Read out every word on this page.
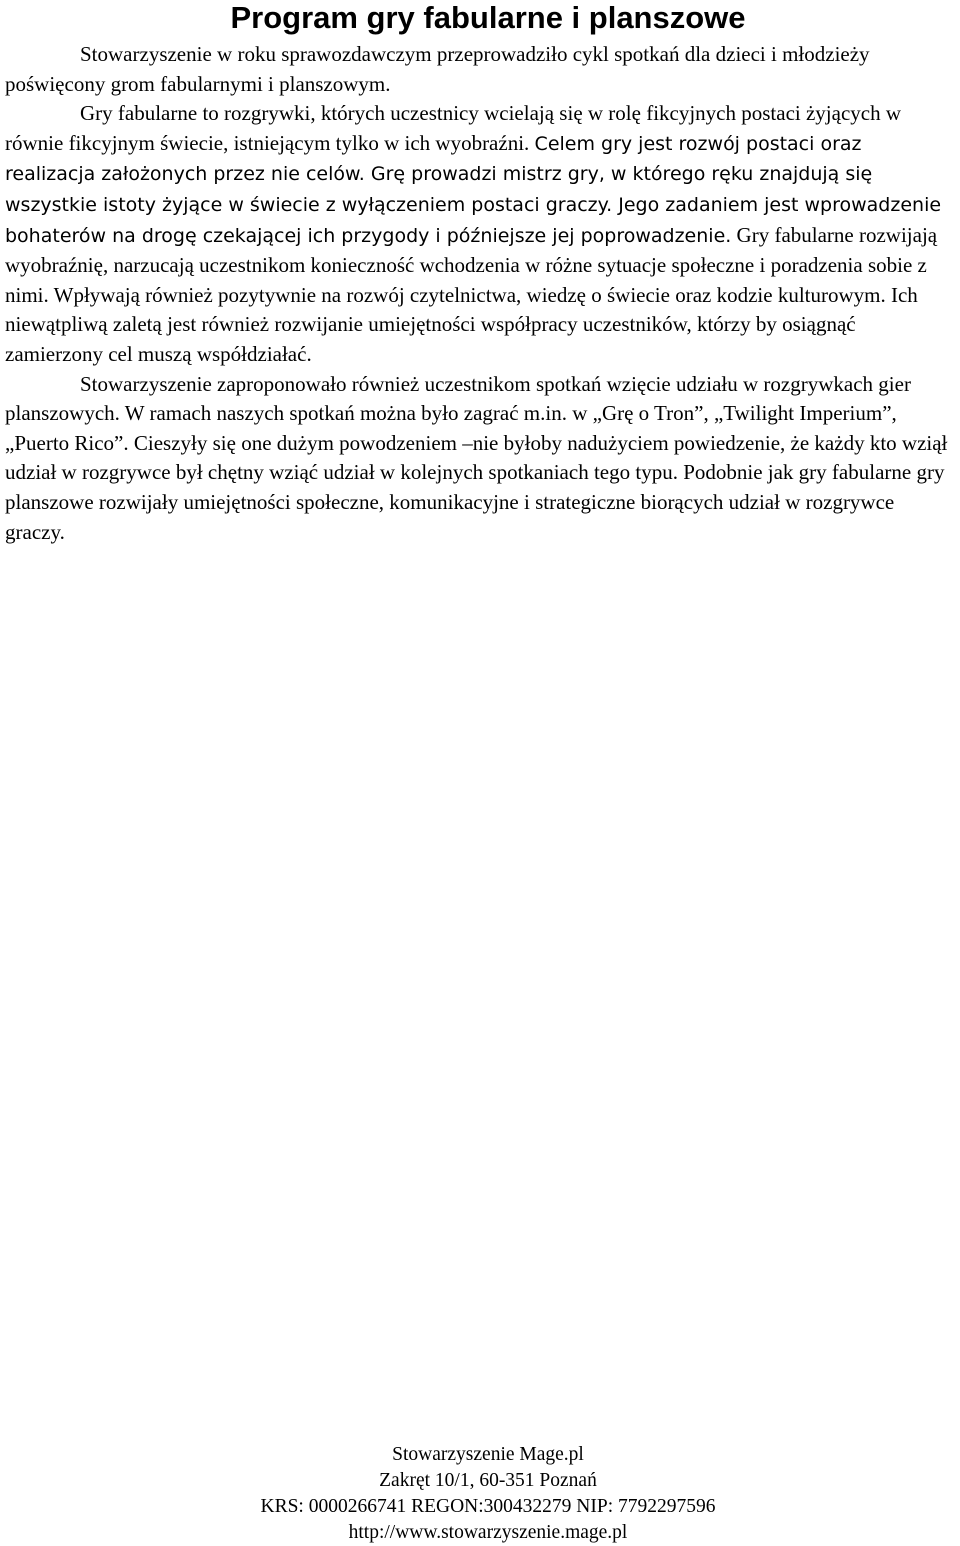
Program gry fabularne i planszowe

Stowarzyszenie w roku sprawozdawczym przeprowadziło cykl spotkań dla dzieci i młodzieży poświęcony grom fabularnymi i planszowym.

Gry fabularne to rozgrywki, których uczestnicy wcielają się w rolę fikcyjnych postaci żyjących w równie fikcyjnym świecie, istniejącym tylko w ich wyobraźni. Celem gry jest rozwój postaci oraz realizacja założonych przez nie celów. Grę prowadzi mistrz gry, w którego ręku znajdują się wszystkie istoty żyjące w świecie z wyłączeniem postaci graczy. Jego zadaniem jest wprowadzenie bohaterów na drogę czekającej ich przygody i późniejsze jej poprowadzenie. Gry fabularne rozwijają wyobraźnię, narzucają uczestnikom konieczność wchodzenia w różne sytuacje społeczne i poradzenia sobie z nimi. Wpływają również pozytywnie na rozwój czytelnictwa, wiedzę o świecie oraz kodzie kulturowym. Ich niewątpliwą zaletą jest również rozwijanie umiejętności współpracy uczestników, którzy by osiągnąć zamierzony cel muszą współdziałać.

Stowarzyszenie zaproponowało również uczestnikom spotkań wzięcie udziału w rozgrywkach gier planszowych. W ramach naszych spotkań można było zagrać m.in. w „Grę o Tron”, „Twilight Imperium”, „Puerto Rico”. Cieszyły się one dużym powodzeniem –nie byłoby nadużyciem powiedzenie, że każdy kto wziął udział w rozgrywce był chętny wziąć udział w kolejnych spotkaniach tego typu. Podobnie jak gry fabularne gry planszowe rozwijały umiejętności społeczne, komunikacyjne i strategiczne biorących udział w rozgrywce graczy.

Stowarzyszenie Mage.pl
Zakręt 10/1, 60-351 Poznań
KRS: 0000266741 REGON:300432279 NIP: 7792297596
http://www.stowarzyszenie.mage.pl
